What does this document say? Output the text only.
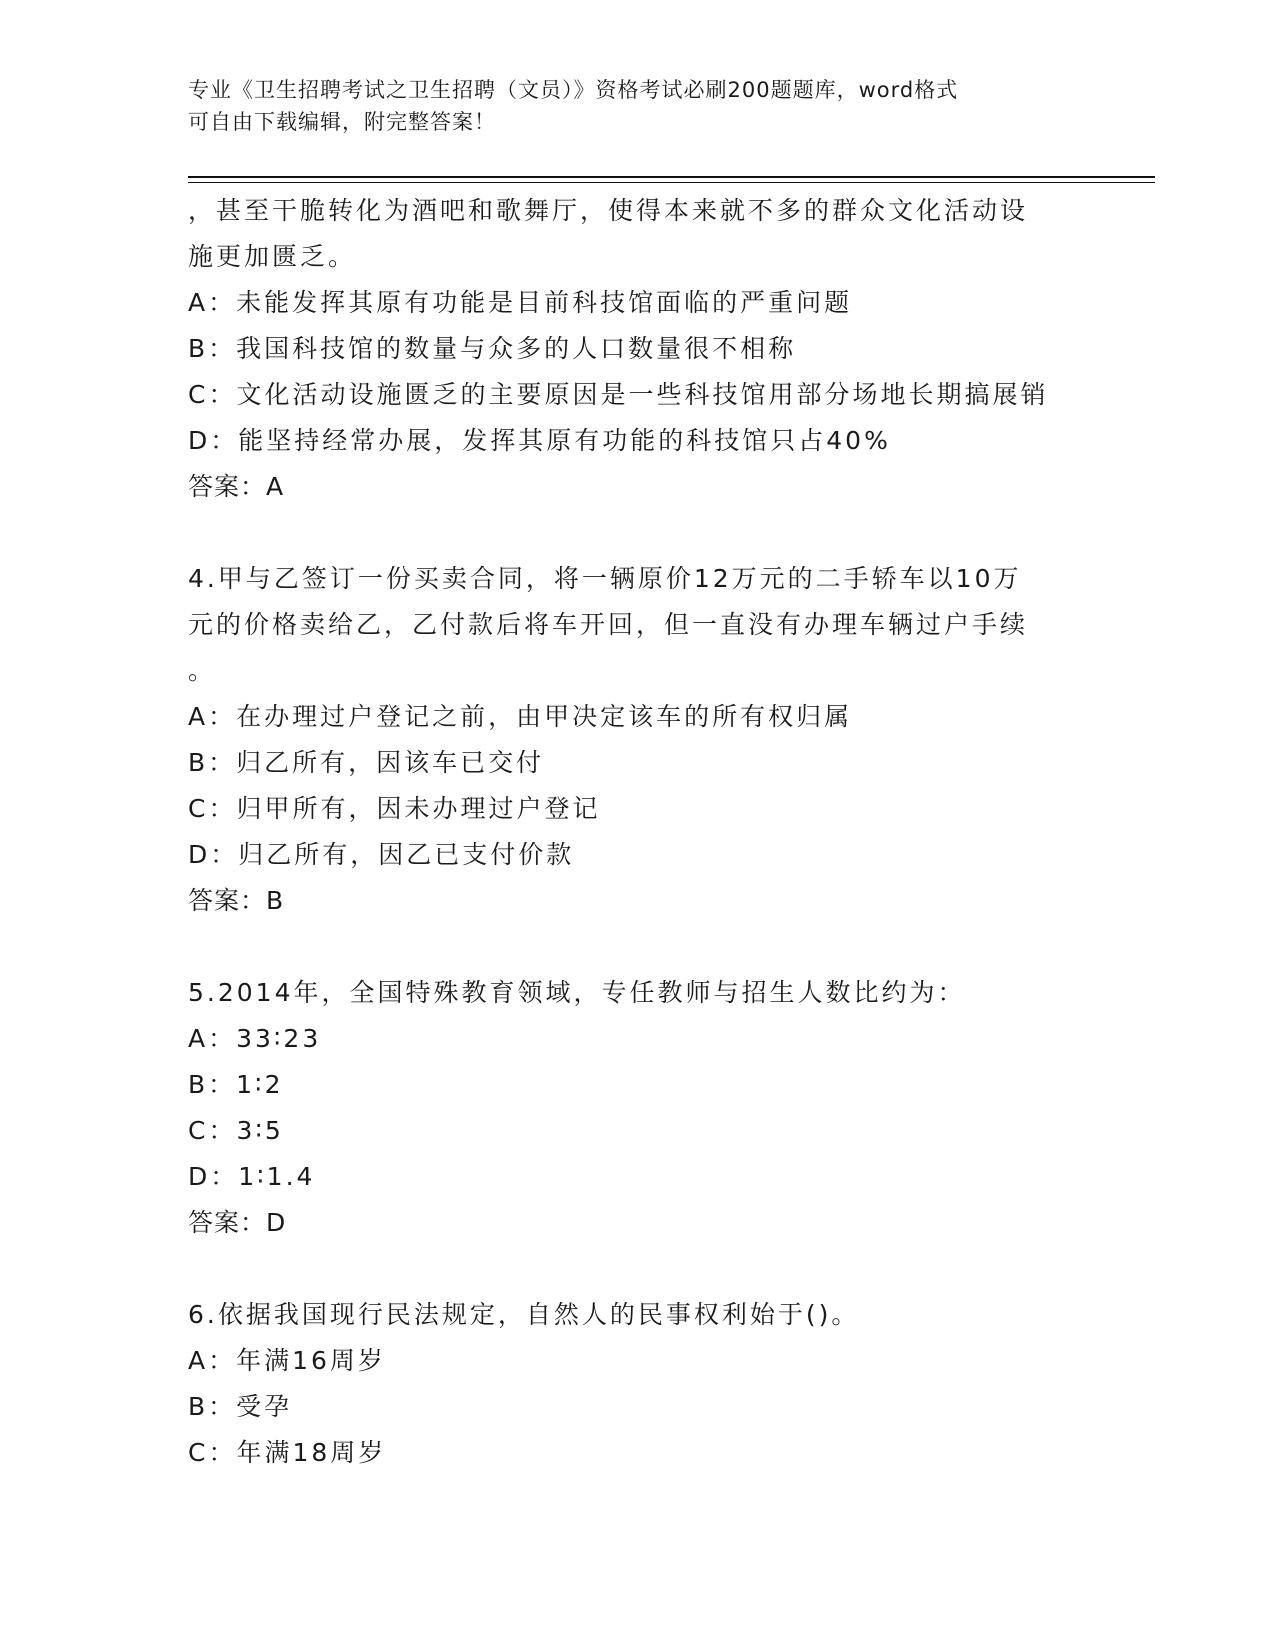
专业《卫生招聘考试之卫生招聘（文员）》资格考试必刷200题题库，word格式
可自由下载编辑，附完整答案！
，甚至干脆转化为酒吧和歌舞厅，使得本来就不多的群众文化活动设
施更加匮乏。
A：未能发挥其原有功能是目前科技馆面临的严重问题
B：我国科技馆的数量与众多的人口数量很不相称
C：文化活动设施匮乏的主要原因是一些科技馆用部分场地长期搞展销
D：能坚持经常办展，发挥其原有功能的科技馆只占40%
答案：A
4.甲与乙签订一份买卖合同，将一辆原价12万元的二手轿车以10万
元的价格卖给乙，乙付款后将车开回，但一直没有办理车辆过户手续
。
A：在办理过户登记之前，由甲决定该车的所有权归属
B：归乙所有，因该车已交付
C：归甲所有，因未办理过户登记
D：归乙所有，因乙已支付价款
答案：B
5.2014年，全国特殊教育领域，专任教师与招生人数比约为：
A：33∶23
B：1∶2
C：3∶5
D：1∶1.4
答案：D
6.依据我国现行民法规定，自然人的民事权利始于()。
A：年满16周岁
B：受孕
C：年满18周岁
